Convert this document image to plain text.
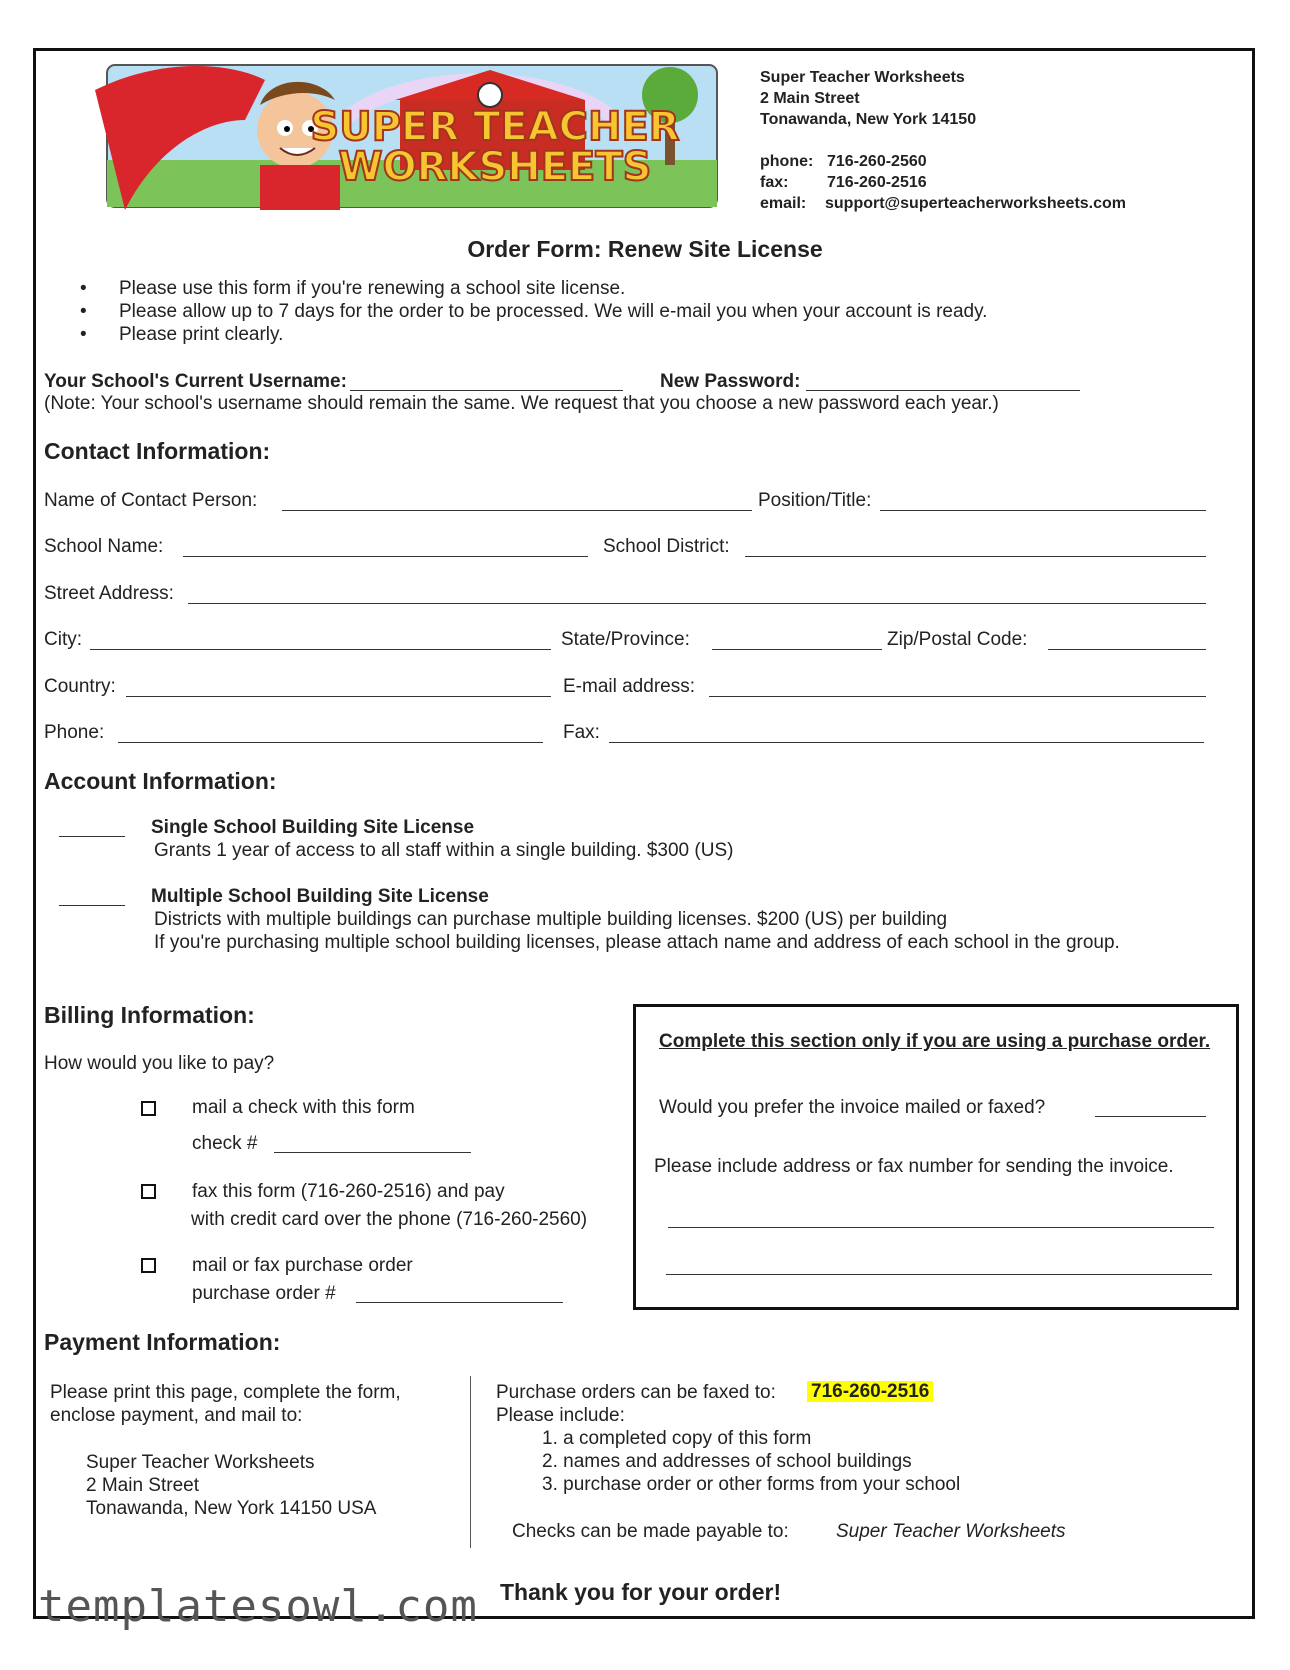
SUPER TEACHER
WORKSHEETS
Super Teacher Worksheets
2 Main Street
Tonawanda, New York 14150
phone: 716-260-2560
fax: 716-260-2516
email: support@superteacherworksheets.com
Order Form: Renew Site License
• Please use this form if you're renewing a school site license.
• Please allow up to 7 days for the order to be processed. We will e-mail you when your account is ready.
• Please print clearly.
Your School's Current Username:	New Password:
(Note: Your school's username should remain the same. We request that you choose a new password each year.)
Contact Information:
Name of Contact Person:	Position/Title:
School Name:	School District:
Street Address:
City:	State/Province:	Zip/Postal Code:
Country:	E-mail address:
Phone:	Fax:
Account Information:
Single School Building Site License
Grants 1 year of access to all staff within a single building. $300 (US)
Multiple School Building Site License
Districts with multiple buildings can purchase multiple building licenses. $200 (US) per building
If you're purchasing multiple school building licenses, please attach name and address of each school in the group.
Billing Information:
How would you like to pay?
mail a check with this form
check #
fax this form (716-260-2516) and pay
with credit card over the phone (716-260-2560)
mail or fax purchase order
purchase order #
Complete this section only if you are using a purchase order.
Would you prefer the invoice mailed or faxed?
Please include address or fax number for sending the invoice.
Payment Information:
Please print this page, complete the form,
enclose payment, and mail to:
Super Teacher Worksheets
2 Main Street
Tonawanda, New York 14150 USA
Purchase orders can be faxed to: 716-260-2516
Please include:
1. a completed copy of this form
2. names and addresses of school buildings
3. purchase order or other forms from your school
Checks can be made payable to: Super Teacher Worksheets
templatesowl.com Thank you for your order!
